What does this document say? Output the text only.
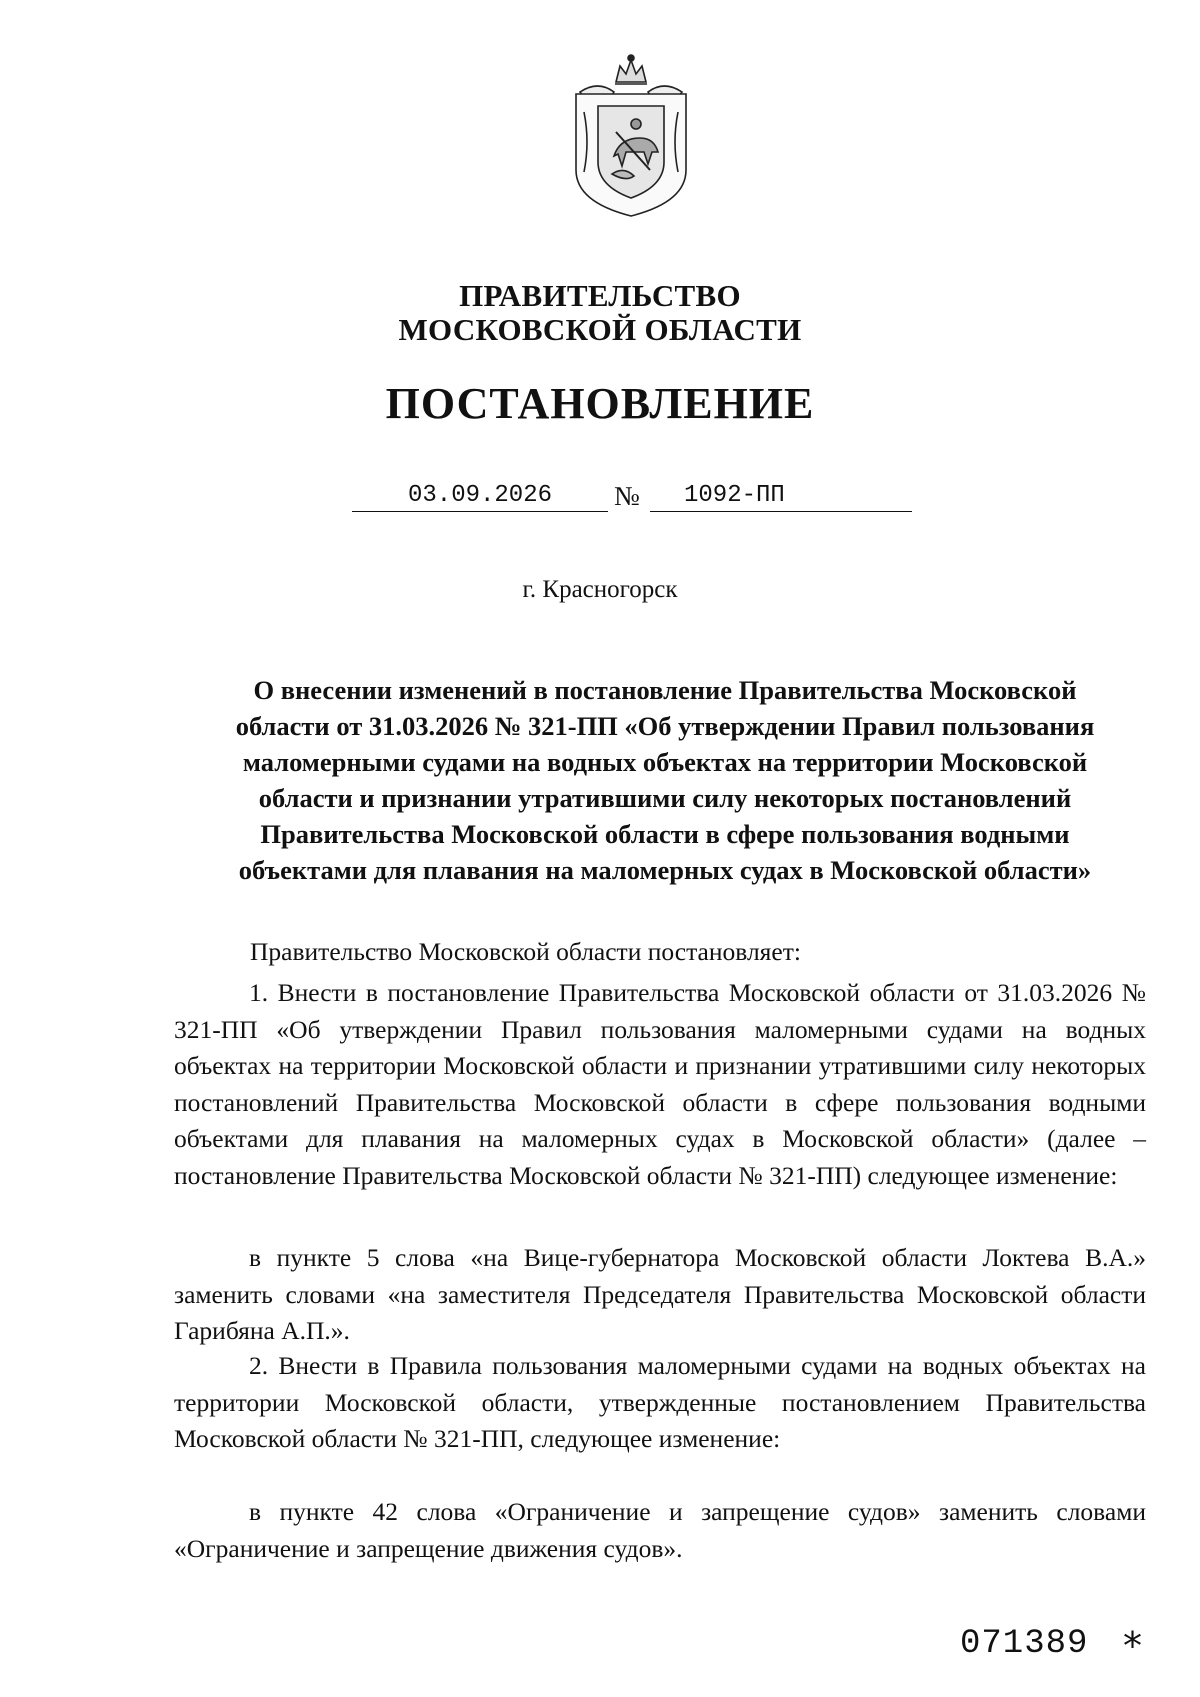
ПРАВИТЕЛЬСТВО
МОСКОВСКОЙ ОБЛАСТИ
ПОСТАНОВЛЕНИЕ
03.09.2026	№ 1092-ПП
г. Красногорск
О внесении изменений в постановление Правительства Московской
области от 31.03.2026 № 321-ПП «Об утверждении Правил пользования
маломерными судами на водных объектах на территории Московской
области и признании утратившими силу некоторых постановлений
Правительства Московской области в сфере пользования водными
объектами для плавания на маломерных судах в Московской области»
Правительство Московской области постановляет:
1. Внести в постановление Правительства Московской области от 31.03.2026 № 321-ПП «Об утверждении Правил пользования маломерными судами на водных объектах на территории Московской области и признании утратившими силу некоторых постановлений Правительства Московской области в сфере пользования водными объектами для плавания на маломерных судах в Московской области» (далее – постановление Правительства Московской области № 321-ПП) следующее изменение:
в пункте 5 слова «на Вице-губернатора Московской области Локтева В.А.» заменить словами «на заместителя Председателя Правительства Московской области Гарибяна А.П.».
2. Внести в Правила пользования маломерными судами на водных объектах на территории Московской области, утвержденные постановлением Правительства Московской области № 321-ПП, следующее изменение:
в пункте 42 слова «Ограничение и запрещение судов» заменить словами «Ограничение и запрещение движения судов».
071389 *
